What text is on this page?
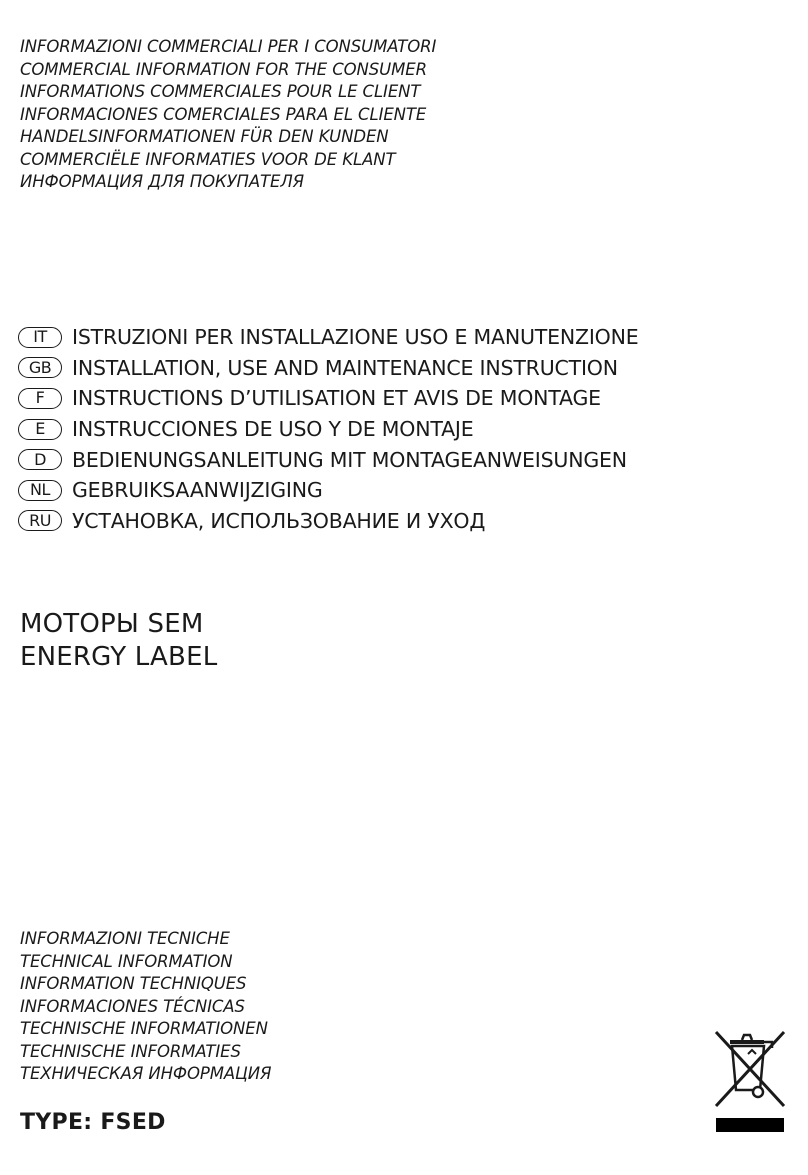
INFORMAZIONI COMMERCIALI PER I CONSUMATORI
COMMERCIAL INFORMATION FOR THE CONSUMER
INFORMATIONS COMMERCIALES POUR LE CLIENT
INFORMACIONES COMERCIALES PARA EL CLIENTE
HANDELSINFORMATIONEN FÜR DEN KUNDEN
COMMERCIËLE INFORMATIES VOOR DE KLANT
ИНФОРМАЦИЯ ДЛЯ ПОКУПАТЕЛЯ
IT	ISTRUZIONI PER INSTALLAZIONE USO E MANUTENZIONE
GB	INSTALLATION, USE AND MAINTENANCE INSTRUCTION
F	INSTRUCTIONS D’UTILISATION ET AVIS DE MONTAGE
E	INSTRUCCIONES DE USO Y DE MONTAJE
D	BEDIENUNGSANLEITUNG MIT MONTAGEANWEISUNGEN
NL	GEBRUIKSAANWIJZIGING
RU	УСТАНОВКА, ИСПОЛЬЗОВАНИЕ И УХОД
МОТОРЫ SEM
ENERGY LABEL
INFORMAZIONI TECNICHE
TECHNICAL INFORMATION
INFORMATION TECHNIQUES
INFORMACIONES TÉCNICAS
TECHNISCHE INFORMATIONEN
TECHNISCHE INFORMATIES
ТЕХНИЧЕСКАЯ ИНФОРМАЦИЯ
TYPE: FSED
